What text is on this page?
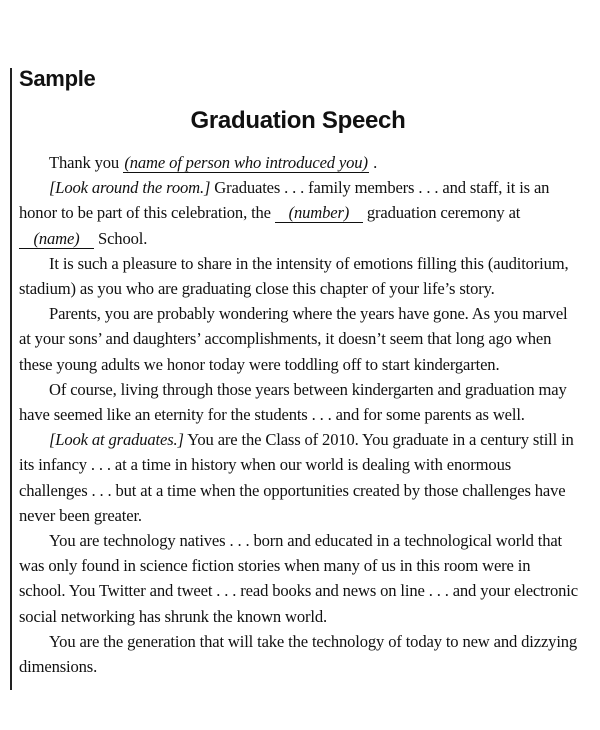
Sample
Graduation Speech

Thank you (name of person who introduced you) .

[Look around the room.] Graduates . . . family members . . . and staff, it is an honor to be part of this celebration, the (number) graduation ceremony at (name) School.

It is such a pleasure to share in the intensity of emotions filling this (auditorium, stadium) as you who are graduating close this chapter of your life’s story.

Parents, you are probably wondering where the years have gone. As you marvel at your sons’ and daughters’ accomplishments, it doesn’t seem that long ago when these young adults we honor today were toddling off to start kindergarten.

Of course, living through those years between kindergarten and graduation may have seemed like an eternity for the students . . . and for some parents as well.

[Look at graduates.] You are the Class of 2010. You graduate in a century still in its infancy . . . at a time in history when our world is dealing with enormous challenges . . . but at a time when the opportunities created by those challenges have never been greater.

You are technology natives . . . born and educated in a technological world that was only found in science fiction stories when many of us in this room were in school. You Twitter and tweet . . . read books and news on line . . . and your electronic social networking has shrunk the known world.

You are the generation that will take the technology of today to new and dizzying dimensions.
